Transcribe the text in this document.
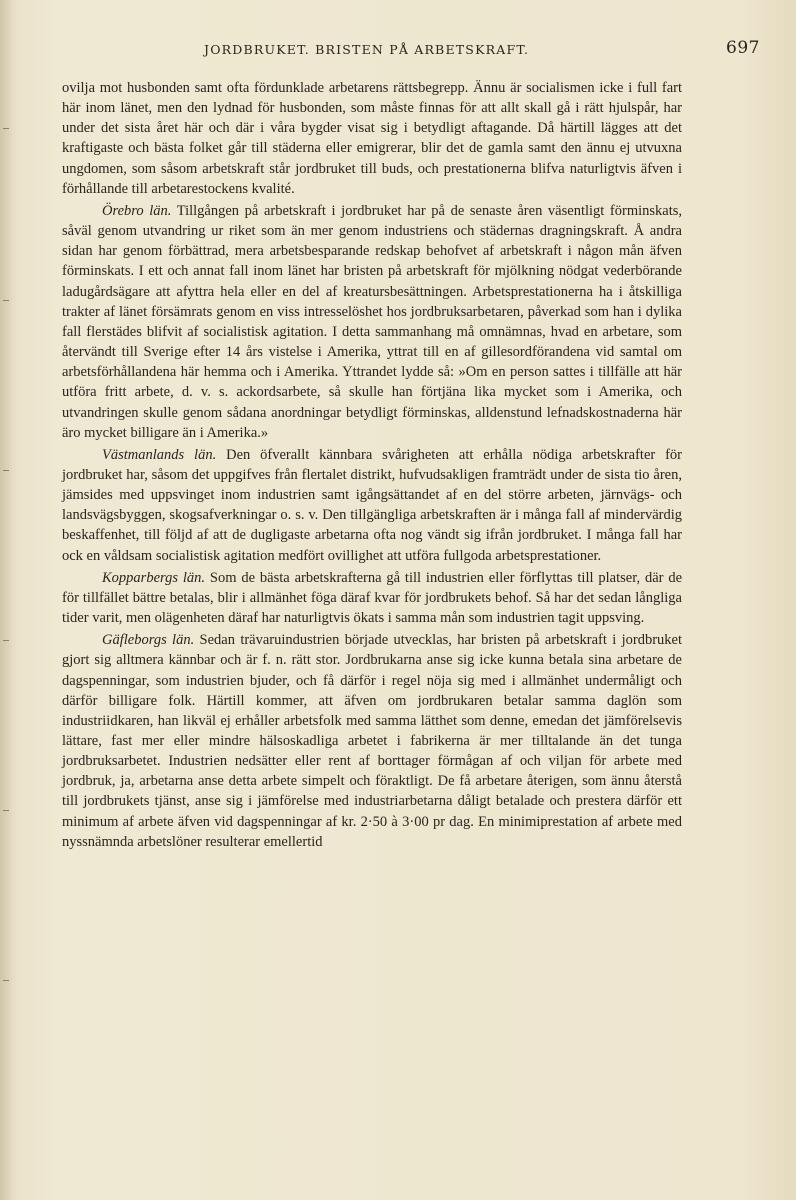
JORDBRUKET. BRISTEN PÅ ARBETSKRAFT.	697

ovilja mot husbonden samt ofta fördunklade arbetarens rättsbegrepp. Ännu är socialismen icke i full fart här inom länet, men den lydnad för husbonden, som måste finnas för att allt skall gå i rätt hjulspår, har under det sista året här och där i våra bygder visat sig i betydligt aftagande. Då härtill lägges att det kraftigaste och bästa folket går till städerna eller emigrerar, blir det de gamla samt den ännu ej utvuxna ungdomen, som såsom arbetskraft står jordbruket till buds, och prestationerna blifva naturligtvis äfven i förhållande till arbetarestockens kvalité.

Örebro län. Tillgången på arbetskraft i jordbruket har på de senaste åren väsentligt förminskats, såväl genom utvandring ur riket som än mer genom industriens och städernas dragningskraft. Å andra sidan har genom förbättrad, mera arbetsbesparande redskap behofvet af arbetskraft i någon mån äfven förminskats. I ett och annat fall inom länet har bristen på arbetskraft för mjölkning nödgat vederbörande ladugårdsägare att afyttra hela eller en del af kreatursbesättningen. Arbetsprestationerna ha i åtskilliga trakter af länet försämrats genom en viss intresselöshet hos jordbruksarbetaren, påverkad som han i dylika fall flerstädes blifvit af socialistisk agitation. I detta sammanhang må omnämnas, hvad en arbetare, som återvändt till Sverige efter 14 års vistelse i Amerika, yttrat till en af gillesordförandena vid samtal om arbetsförhållandena här hemma och i Amerika. Yttrandet lydde så: »Om en person sattes i tillfälle att här utföra fritt arbete, d. v. s. ackordsarbete, så skulle han förtjäna lika mycket som i Amerika, och utvandringen skulle genom sådana anordningar betydligt förminskas, alldenstund lefnadskostnaderna här äro mycket billigare än i Amerika.»

Västmanlands län. Den öfverallt kännbara svårigheten att erhålla nödiga arbetskrafter för jordbruket har, såsom det uppgifves från flertalet distrikt, hufvudsakligen framträdt under de sista tio åren, jämsides med uppsvinget inom industrien samt igångsättandet af en del större arbeten, järnvägs- och landsvägsbyggen, skogsafverkningar o. s. v. Den tillgängliga arbetskraften är i många fall af mindervärdig beskaffenhet, till följd af att de dugligaste arbetarna ofta nog vändt sig ifrån jordbruket. I många fall har ock en våldsam socialistisk agitation medfört ovillighet att utföra fullgoda arbetsprestationer.

Kopparbergs län. Som de bästa arbetskrafterna gå till industrien eller förflyttas till platser, där de för tillfället bättre betalas, blir i allmänhet föga däraf kvar för jordbrukets behof. Så har det sedan långliga tider varit, men olägenheten däraf har naturligtvis ökats i samma mån som industrien tagit uppsving.

Gäfleborgs län. Sedan trävaruindustrien började utvecklas, har bristen på arbetskraft i jordbruket gjort sig alltmera kännbar och är f. n. rätt stor. Jordbrukarna anse sig icke kunna betala sina arbetare de dagspenningar, som industrien bjuder, och få därför i regel nöja sig med i allmänhet undermåligt och därför billigare folk. Härtill kommer, att äfven om jordbrukaren betalar samma daglön som industriidkaren, han likväl ej erhåller arbetsfolk med samma lätthet som denne, emedan det jämförelsevis lättare, fast mer eller mindre hälsoskadliga arbetet i fabrikerna är mer tilltalande än det tunga jordbruksarbetet. Industrien nedsätter eller rent af borttager förmågan af och viljan för arbete med jordbruk, ja, arbetarna anse detta arbete simpelt och föraktligt. De få arbetare återigen, som ännu återstå till jordbrukets tjänst, anse sig i jämförelse med industriarbetarna dåligt betalade och prestera därför ett minimum af arbete äfven vid dagspenningar af kr. 2·50 à 3·00 pr dag. En minimiprestation af arbete med nyssnämnda arbetslöner resulterar emellertid
